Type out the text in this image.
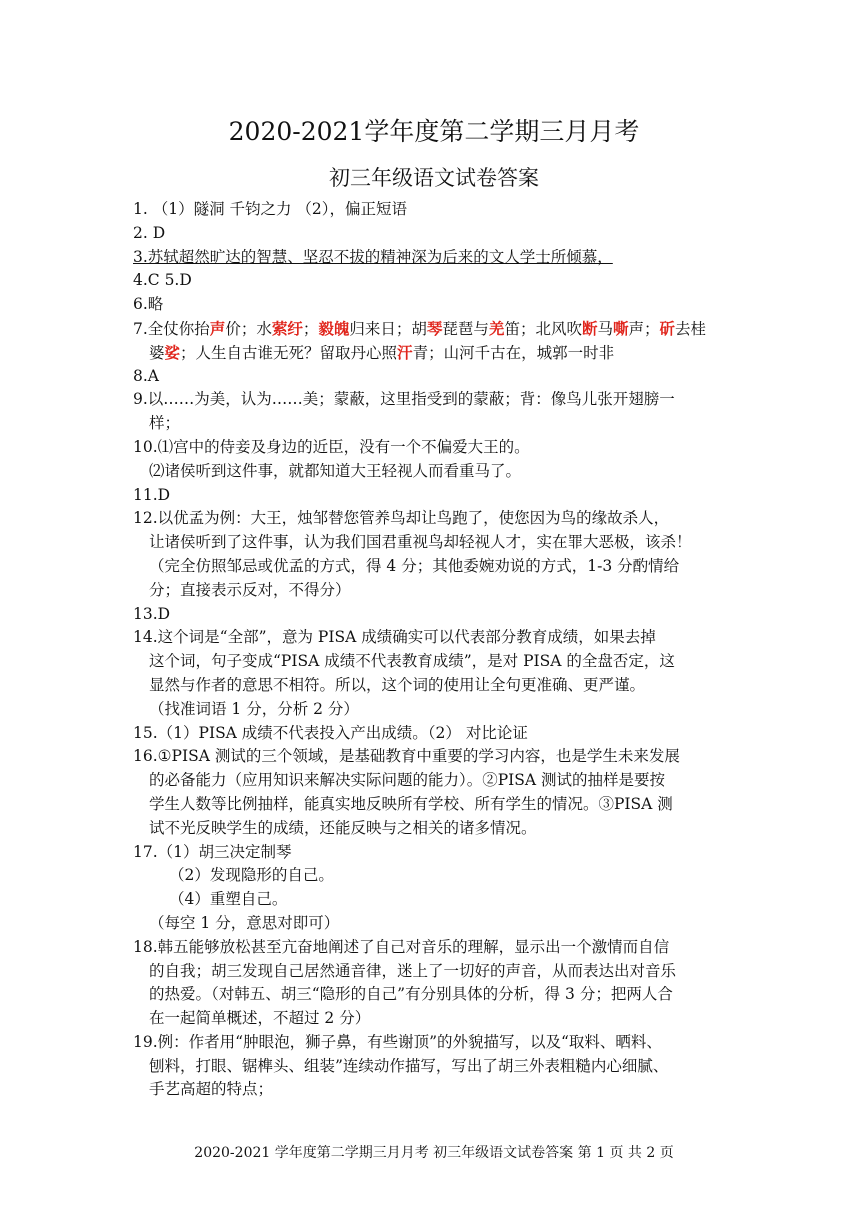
2020-2021学年度第二学期三月月考
初三年级语文试卷答案
1. （1）隧洞 千钧之力 （2），偏正短语
2. D
3.苏轼超然旷达的智慧、坚忍不拔的精神深为后来的文人学士所倾慕，
4.C 5.D
6.略
7.全仗你抬声价；水萦纡；毅魄归来日；胡琴琵琶与羌笛；北风吹断马嘶声；斫去桂
婆娑；人生自古谁无死？留取丹心照汗青；山河千古在，城郭一时非
8.A
9.以……为美，认为……美；蒙蔽，这里指受到的蒙蔽；背：像鸟儿张开翅膀一
样；
10.⑴宫中的侍妾及身边的近臣，没有一个不偏爱大王的。
⑵诸侯听到这件事，就都知道大王轻视人而看重马了。
11.D
12.以优孟为例：大王，烛邹替您管养鸟却让鸟跑了，使您因为鸟的缘故杀人，
让诸侯听到了这件事，认为我们国君重视鸟却轻视人才，实在罪大恶极，该杀！
（完全仿照邹忌或优孟的方式，得 4 分；其他委婉劝说的方式，1-3 分酌情给
分；直接表示反对，不得分）
13.D
14.这个词是“全部”，意为 PISA 成绩确实可以代表部分教育成绩，如果去掉
这个词，句子变成“PISA 成绩不代表教育成绩”，是对 PISA 的全盘否定，这
显然与作者的意思不相符。所以，这个词的使用让全句更准确、更严谨。
（找准词语 1 分，分析 2 分）
15.（1）PISA 成绩不代表投入产出成绩。（2） 对比论证
16.①PISA 测试的三个领域，是基础教育中重要的学习内容，也是学生未来发展
的必备能力（应用知识来解决实际问题的能力）。②PISA 测试的抽样是要按
学生人数等比例抽样，能真实地反映所有学校、所有学生的情况。③PISA 测
试不光反映学生的成绩，还能反映与之相关的诸多情况。
17.（1）胡三决定制琴
（2）发现隐形的自己。
（4）重塑自己。
（每空 1 分，意思对即可）
18.韩五能够放松甚至亢奋地阐述了自己对音乐的理解，显示出一个激情而自信
的自我；胡三发现自己居然通音律，迷上了一切好的声音，从而表达出对音乐
的热爱。（对韩五、胡三“隐形的自己”有分别具体的分析，得 3 分；把两人合
在一起简单概述，不超过 2 分）
19.例：作者用“肿眼泡，狮子鼻，有些谢顶”的外貌描写，以及“取料、晒料、
刨料，打眼、锯榫头、组装”连续动作描写，写出了胡三外表粗糙内心细腻、
手艺高超的特点；
2020-2021 学年度第二学期三月月考 初三年级语文试卷答案 第 1 页 共 2 页
